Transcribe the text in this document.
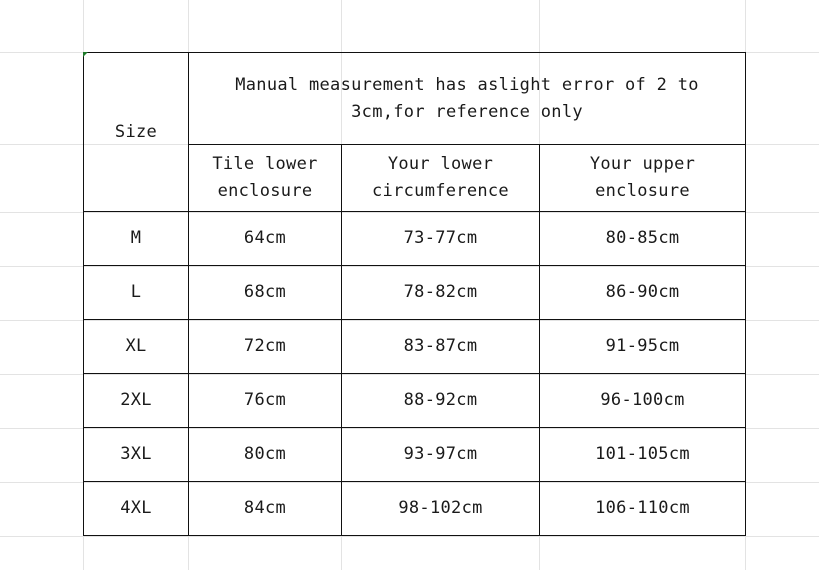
Size	Manual measurement has aslight error of 2 to 3cm,for reference only		
	Tile lower enclosure	Your lower circumference	Your upper enclosure
M	64cm	73-77cm	80-85cm
L	68cm	78-82cm	86-90cm
XL	72cm	83-87cm	91-95cm
2XL	76cm	88-92cm	96-100cm
3XL	80cm	93-97cm	101-105cm
4XL	84cm	98-102cm	106-110cm
